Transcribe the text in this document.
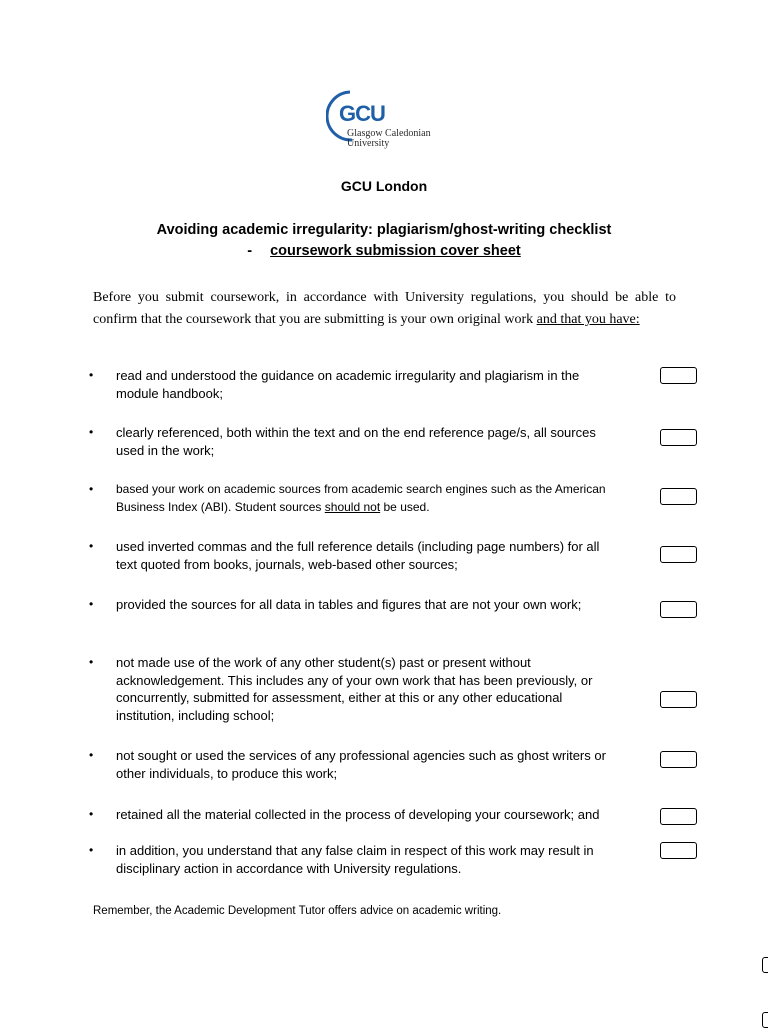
GCU
Glasgow Caledonian
University
GCU London
Avoiding academic irregularity: plagiarism/ghost-writing checklist
- coursework submission cover sheet
Before you submit coursework, in accordance with University regulations, you should be able to confirm that the coursework that you are submitting is your own original work and that you have:
•	read and understood the guidance on academic irregularity and plagiarism in the module handbook;
•	clearly referenced, both within the text and on the end reference page/s, all sources used in the work;
•	based your work on academic sources from academic search engines such as the American Business Index (ABI). Student sources should not be used.
•	used inverted commas and the full reference details (including page numbers) for all text quoted from books, journals, web-based other sources;
•	provided the sources for all data in tables and figures that are not your own work;
•	not made use of the work of any other student(s) past or present without acknowledgement. This includes any of your own work that has been previously, or concurrently, submitted for assessment, either at this or any other educational institution, including school;
•	not sought or used the services of any professional agencies such as ghost writers or other individuals, to produce this work;
•	retained all the material collected in the process of developing your coursework; and
•	in addition, you understand that any false claim in respect of this work may result in disciplinary action in accordance with University regulations.
Remember, the Academic Development Tutor offers advice on academic writing.
